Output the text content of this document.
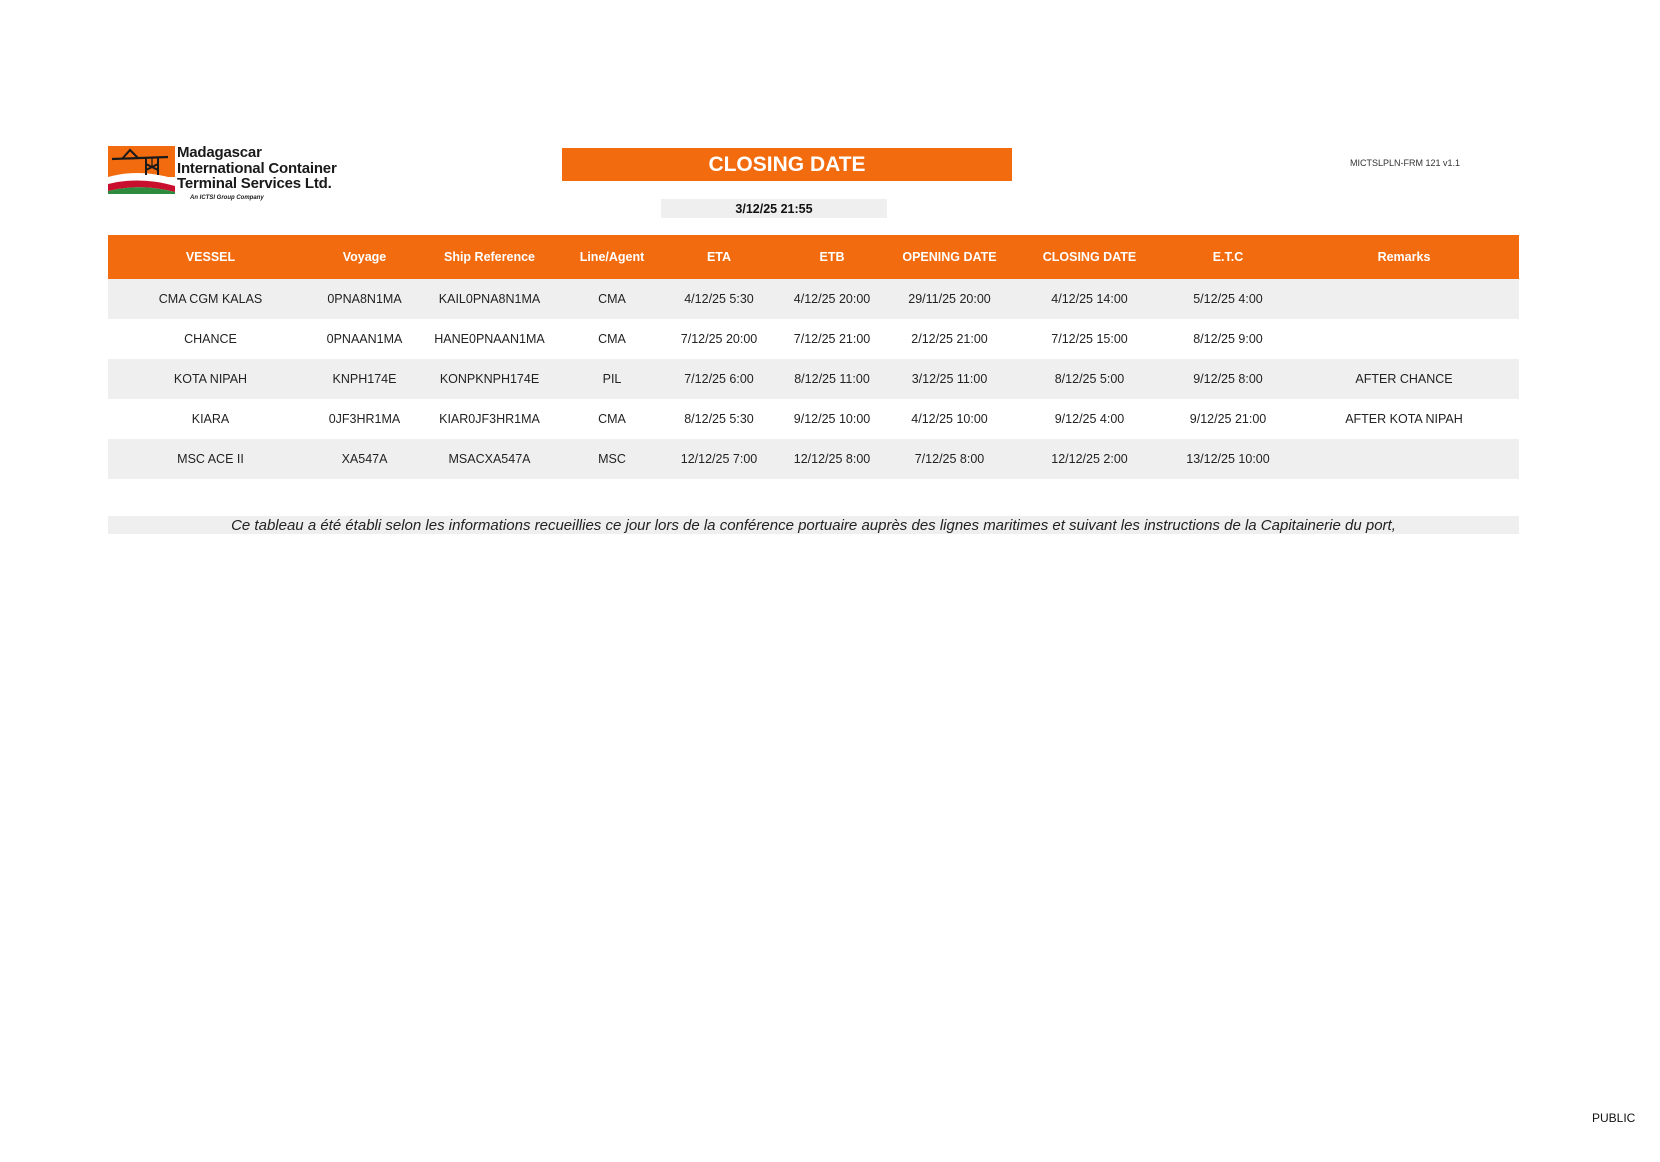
Madagascar
International Container
Terminal Services Ltd.
An ICTSI Group Company
CLOSING DATE
3/12/25 21:55
MICTSLPLN-FRM 121 v1.1
VESSEL	Voyage	Ship Reference	Line/Agent	ETA	ETB	OPENING DATE	CLOSING DATE	E.T.C	Remarks
CMA CGM KALAS	0PNA8N1MA	KAIL0PNA8N1MA	CMA	4/12/25 5:30	4/12/25 20:00	29/11/25 20:00	4/12/25 14:00	5/12/25 4:00	
CHANCE	0PNAAN1MA	HANE0PNAAN1MA	CMA	7/12/25 20:00	7/12/25 21:00	2/12/25 21:00	7/12/25 15:00	8/12/25 9:00	
KOTA NIPAH	KNPH174E	KONPKNPH174E	PIL	7/12/25 6:00	8/12/25 11:00	3/12/25 11:00	8/12/25 5:00	9/12/25 8:00	AFTER CHANCE
KIARA	0JF3HR1MA	KIAR0JF3HR1MA	CMA	8/12/25 5:30	9/12/25 10:00	4/12/25 10:00	9/12/25 4:00	9/12/25 21:00	AFTER KOTA NIPAH
MSC ACE II	XA547A	MSACXA547A	MSC	12/12/25 7:00	12/12/25 8:00	7/12/25 8:00	12/12/25 2:00	13/12/25 10:00	
Ce tableau a été établi selon les informations recueillies ce jour lors de la conférence portuaire auprès des lignes maritimes et suivant les instructions de la Capitainerie du port,
PUBLIC
